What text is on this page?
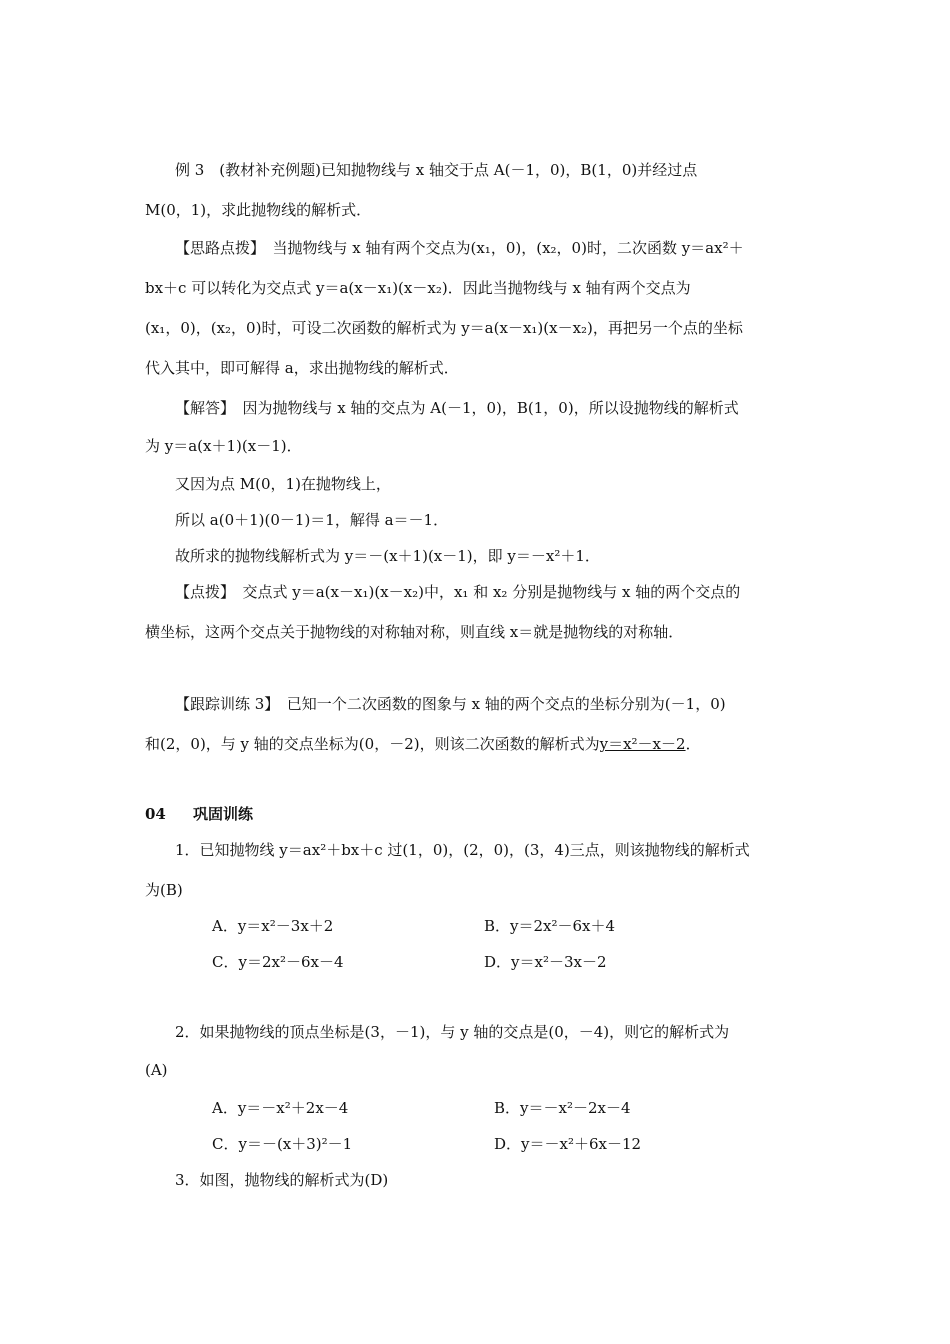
例 3　(教材补充例题)已知抛物线与 x 轴交于点 A(－1，0)，B(1，0)并经过点
M(0，1)，求此抛物线的解析式．
【思路点拨】　当抛物线与 x 轴有两个交点为(x₁，0)，(x₂，0)时，二次函数 y＝ax²＋
bx＋c 可以转化为交点式 y＝a(x－x₁)(x－x₂)．因此当抛物线与 x 轴有两个交点为
(x₁，0)，(x₂，0)时，可设二次函数的解析式为 y＝a(x－x₁)(x－x₂)，再把另一个点的坐标
代入其中，即可解得 a，求出抛物线的解析式．
【解答】　因为抛物线与 x 轴的交点为 A(－1，0)，B(1，0)，所以设抛物线的解析式
为 y＝a(x＋1)(x－1)．
又因为点 M(0，1)在抛物线上，
所以 a(0＋1)(0－1)＝1，解得 a＝－1．
故所求的抛物线解析式为 y＝－(x＋1)(x－1)，即 y＝－x²＋1．
【点拨】　交点式 y＝a(x－x₁)(x－x₂)中，x₁ 和 x₂ 分别是抛物线与 x 轴的两个交点的
横坐标，这两个交点关于抛物线的对称轴对称，则直线 x＝就是抛物线的对称轴．
【跟踪训练 3】　已知一个二次函数的图象与 x 轴的两个交点的坐标分别为(－1，0)
和(2，0)，与 y 轴的交点坐标为(0，－2)，则该二次函数的解析式为y＝x²－x－2．
04 巩固训练
1．已知抛物线 y＝ax²＋bx＋c 过(1，0)，(2，0)，(3，4)三点，则该抛物线的解析式
为(B)
A．y＝x²－3x＋2	B．y＝2x²－6x＋4
C．y＝2x²－6x－4	D．y＝x²－3x－2
2．如果抛物线的顶点坐标是(3，－1)，与 y 轴的交点是(0，－4)，则它的解析式为
(A)
A．y＝－x²＋2x－4	B．y＝－x²－2x－4
C．y＝－(x＋3)²－1	D．y＝－x²＋6x－12
3．如图，抛物线的解析式为(D)
